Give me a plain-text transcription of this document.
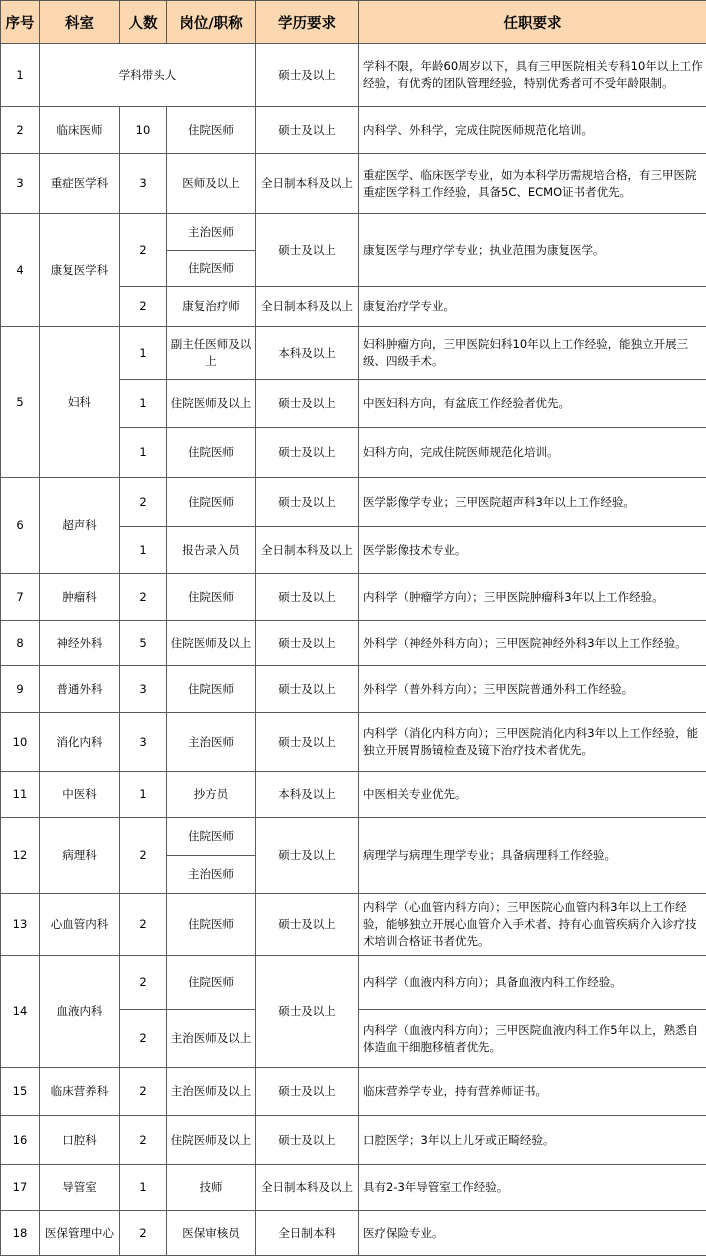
序号	科室	人数	岗位/职称	学历要求	任职要求
1	学科带头人			硕士及以上	学科不限，年龄60周岁以下，具有三甲医院相关专科10年以上工作经验，有优秀的团队管理经验，特别优秀者可不受年龄限制。
2	临床医师	10	住院医师	硕士及以上	内科学、外科学，完成住院医师规范化培训。
3	重症医学科	3	医师及以上	全日制本科及以上	重症医学、临床医学专业，如为本科学历需规培合格，有三甲医院重症医学科工作经验，具备5C、ECMO证书者优先。
4	康复医学科	2	主治医师	硕士及以上	康复医学与理疗学专业；执业范围为康复医学。
			住院医师		
		2	康复治疗师	全日制本科及以上	康复治疗学专业。
5	妇科	1	副主任医师及以上	本科及以上	妇科肿瘤方向，三甲医院妇科10年以上工作经验，能独立开展三级、四级手术。
		1	住院医师及以上	硕士及以上	中医妇科方向，有盆底工作经验者优先。
		1	住院医师	硕士及以上	妇科方向，完成住院医师规范化培训。
6	超声科	2	住院医师	硕士及以上	医学影像学专业；三甲医院超声科3年以上工作经验。
		1	报告录入员	全日制本科及以上	医学影像技术专业。
7	肿瘤科	2	住院医师	硕士及以上	内科学（肿瘤学方向）；三甲医院肿瘤科3年以上工作经验。
8	神经外科	5	住院医师及以上	硕士及以上	外科学（神经外科方向）；三甲医院神经外科3年以上工作经验。
9	普通外科	3	住院医师	硕士及以上	外科学（普外科方向）；三甲医院普通外科工作经验。
10	消化内科	3	主治医师	硕士及以上	内科学（消化内科方向）；三甲医院消化内科3年以上工作经验，能独立开展胃肠镜检查及镜下治疗技术者优先。
11	中医科	1	抄方员	本科及以上	中医相关专业优先。
12	病理科	2	住院医师	硕士及以上	病理学与病理生理学专业；具备病理科工作经验。
			主治医师		
13	心血管内科	2	住院医师	硕士及以上	内科学（心血管内科方向）；三甲医院心血管内科3年以上工作经验，能够独立开展心血管介入手术者、持有心血管疾病介入诊疗技术培训合格证书者优先。
14	血液内科	2	住院医师	硕士及以上	内科学（血液内科方向）；具备血液内科工作经验。
		2	主治医师及以上		内科学（血液内科方向）；三甲医院血液内科工作5年以上，熟悉自体造血干细胞移植者优先。
15	临床营养科	2	主治医师及以上	硕士及以上	临床营养学专业，持有营养师证书。
16	口腔科	2	住院医师及以上	硕士及以上	口腔医学；3年以上儿牙或正畸经验。
17	导管室	1	技师	全日制本科及以上	具有2-3年导管室工作经验。
18	医保管理中心	2	医保审核员	全日制本科	医疗保险专业。
